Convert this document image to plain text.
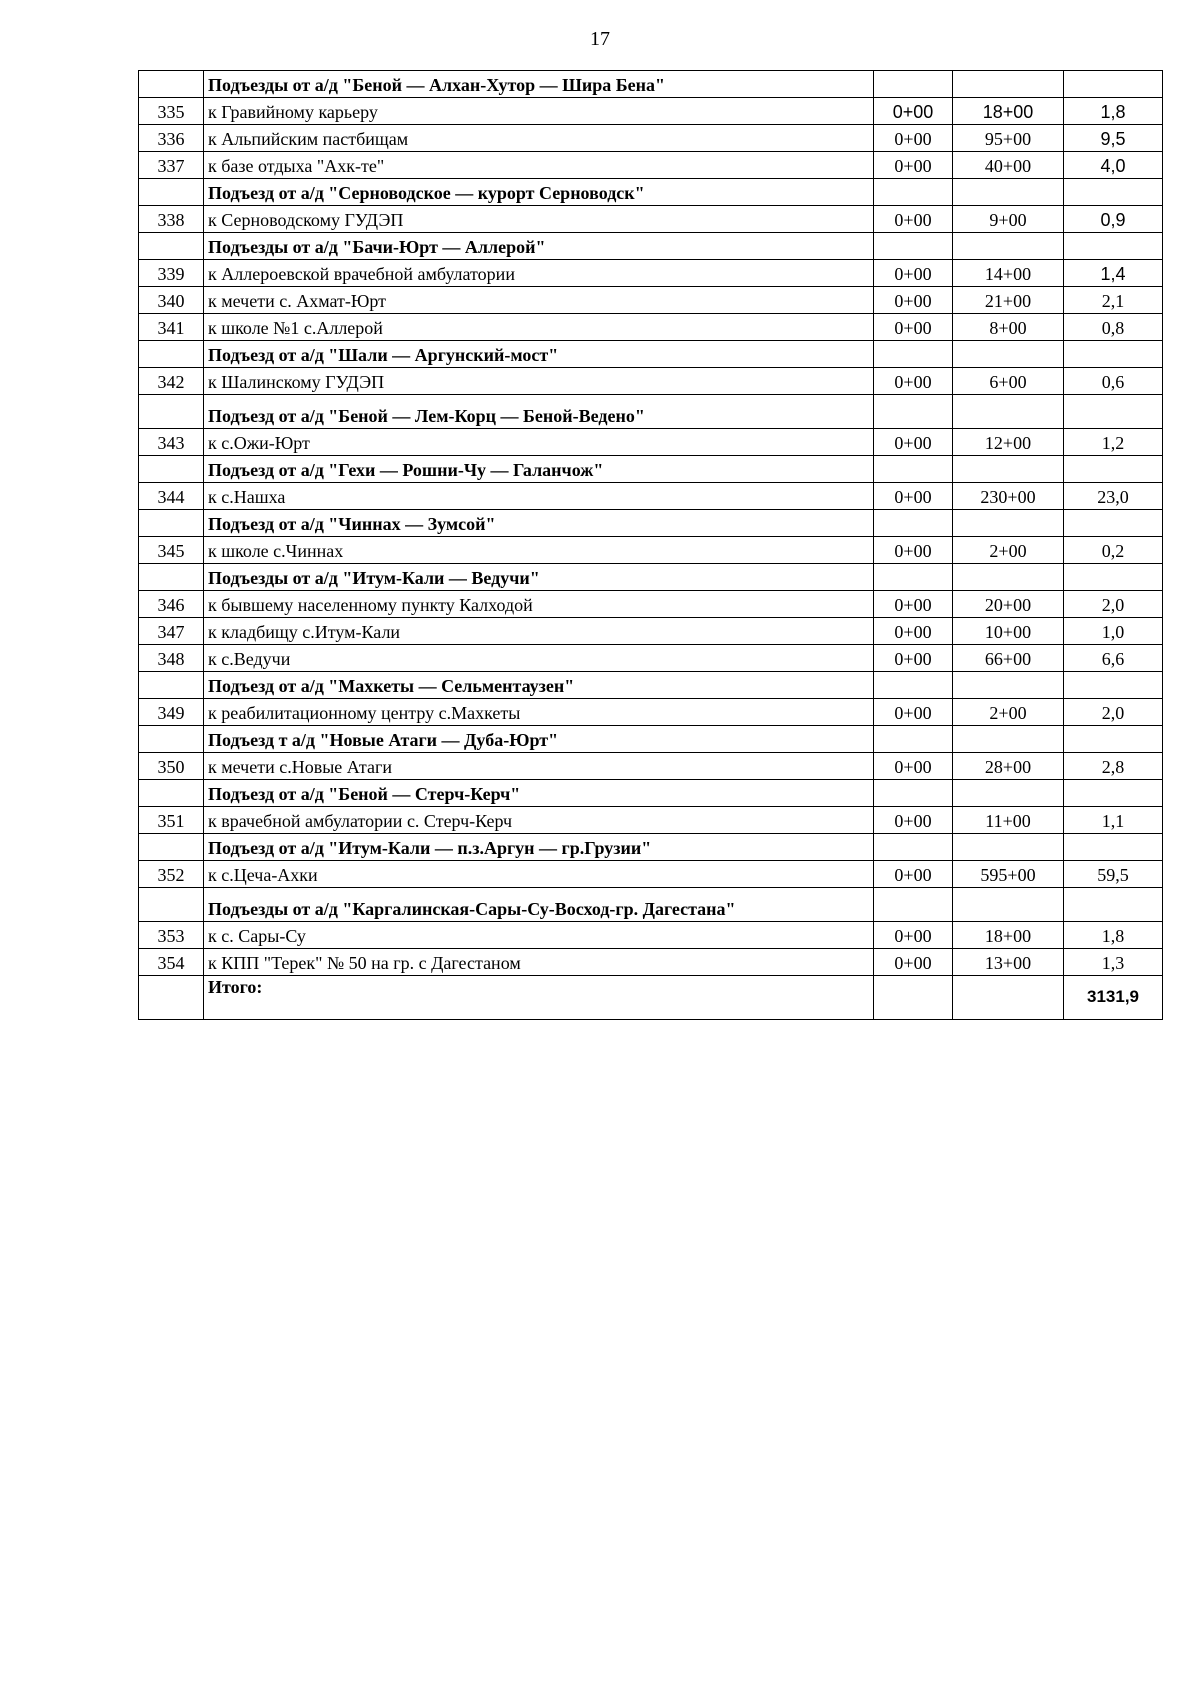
17
	Подъезды от а/д "Беной — Алхан-Хутор — Шира Бена"			
335	к Гравийному карьеру	0+00	18+00	1,8
336	к Альпийским пастбищам	0+00	95+00	9,5
337	к базе отдыха "Ахк-те"	0+00	40+00	4,0
	Подъезд от а/д "Серноводское — курорт Серноводск"			
338	к Серноводскому ГУДЭП	0+00	9+00	0,9
	Подъезды от а/д "Бачи-Юрт — Аллерой"			
339	к Аллероевской врачебной амбулатории	0+00	14+00	1,4
340	к мечети с. Ахмат-Юрт	0+00	21+00	2,1
341	к школе №1 с.Аллерой	0+00	8+00	0,8
	Подъезд от а/д "Шали — Аргунский-мост"			
342	к Шалинскому ГУДЭП	0+00	6+00	0,6
	Подъезд от а/д "Беной — Лем-Корц — Беной-Ведено"			
343	к с.Ожи-Юрт	0+00	12+00	1,2
	Подъезд от а/д "Гехи — Рошни-Чу — Галанчож"			
344	к с.Нашха	0+00	230+00	23,0
	Подъезд от а/д "Чиннах — Зумсой"			
345	к школе с.Чиннах	0+00	2+00	0,2
	Подъезды от а/д "Итум-Кали — Ведучи"			
346	к бывшему населенному пункту Калходой	0+00	20+00	2,0
347	к кладбищу с.Итум-Кали	0+00	10+00	1,0
348	к с.Ведучи	0+00	66+00	6,6
	Подъезд от а/д "Махкеты — Сельментаузен"			
349	к реабилитационному центру с.Махкеты	0+00	2+00	2,0
	Подъезд т а/д "Новые Атаги — Дуба-Юрт"			
350	к мечети с.Новые Атаги	0+00	28+00	2,8
	Подъезд от а/д "Беной — Стерч-Керч"			
351	к врачебной амбулатории с. Стерч-Керч	0+00	11+00	1,1
	Подъезд от а/д "Итум-Кали — п.з.Аргун — гр.Грузии"			
352	к с.Цеча-Ахки	0+00	595+00	59,5
	Подъезды от а/д "Каргалинская-Сары-Су-Восход-гр. Дагестана"			
353	к с. Сары-Су	0+00	18+00	1,8
354	к КПП "Терек" № 50 на гр. с Дагестаном	0+00	13+00	1,3
	Итого:			3131,9
